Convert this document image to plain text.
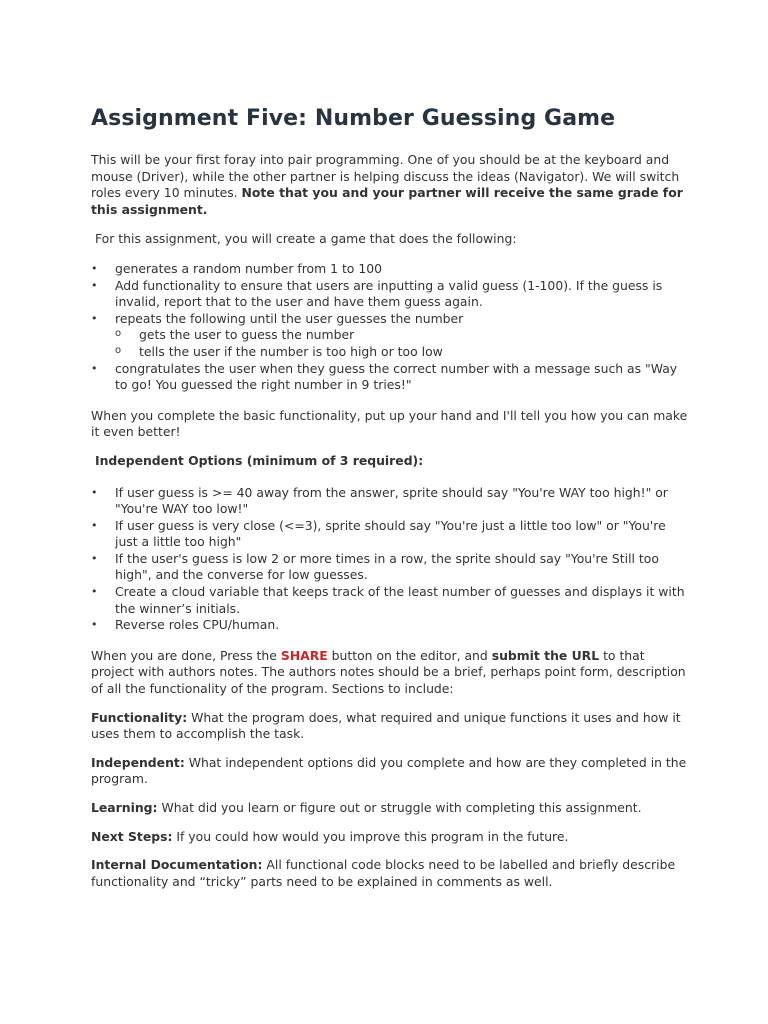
Assignment Five: Number Guessing Game

This will be your first foray into pair programming. One of you should be at the keyboard and mouse (Driver), while the other partner is helping discuss the ideas (Navigator). We will switch roles every 10 minutes. Note that you and your partner will receive the same grade for this assignment.

For this assignment, you will create a game that does the following:

• generates a random number from 1 to 100
• Add functionality to ensure that users are inputting a valid guess (1-100). If the guess is invalid, report that to the user and have them guess again.
• repeats the following until the user guesses the number
o gets the user to guess the number
o tells the user if the number is too high or too low
• congratulates the user when they guess the correct number with a message such as "Way to go! You guessed the right number in 9 tries!"

When you complete the basic functionality, put up your hand and I'll tell you how you can make it even better!

Independent Options (minimum of 3 required):

• If user guess is >= 40 away from the answer, sprite should say "You're WAY too high!" or "You're WAY too low!"
• If user guess is very close (<=3), sprite should say "You're just a little too low" or "You're just a little too high"
• If the user's guess is low 2 or more times in a row, the sprite should say "You're Still too high", and the converse for low guesses.
• Create a cloud variable that keeps track of the least number of guesses and displays it with the winner’s initials.
• Reverse roles CPU/human.

When you are done, Press the SHARE button on the editor, and submit the URL to that project with authors notes. The authors notes should be a brief, perhaps point form, description of all the functionality of the program. Sections to include:

Functionality: What the program does, what required and unique functions it uses and how it uses them to accomplish the task.

Independent: What independent options did you complete and how are they completed in the program.

Learning: What did you learn or figure out or struggle with completing this assignment.

Next Steps: If you could how would you improve this program in the future.

Internal Documentation: All functional code blocks need to be labelled and briefly describe functionality and “tricky” parts need to be explained in comments as well.
